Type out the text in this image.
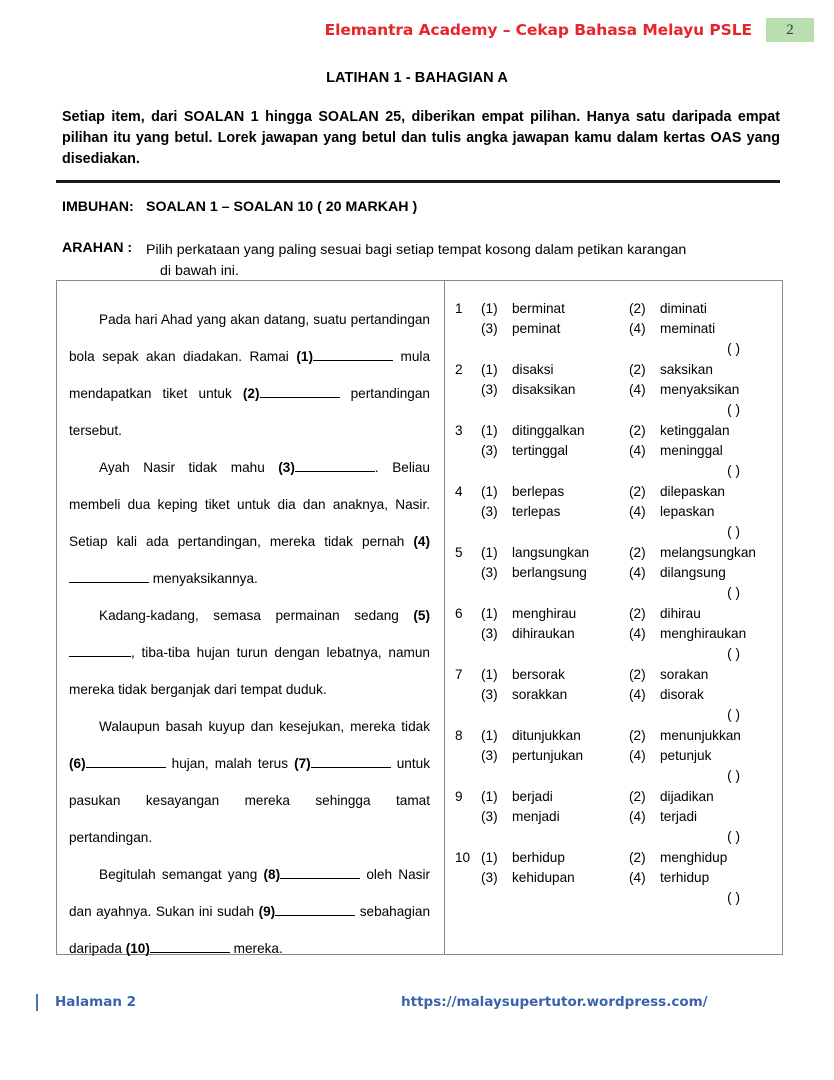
Elemantra Academy – Cekap Bahasa Melayu PSLE	2
LATIHAN 1 - BAHAGIAN A
Setiap item, dari SOALAN 1 hingga SOALAN 25, diberikan empat pilihan. Hanya satu daripada empat pilihan itu yang betul. Lorek jawapan yang betul dan tulis angka jawapan kamu dalam kertas OAS yang disediakan.
IMBUHAN: SOALAN 1 – SOALAN 10 ( 20 MARKAH )
ARAHAN : Pilih perkataan yang paling sesuai bagi setiap tempat kosong dalam petikan karangan
di bawah ini.

Pada hari Ahad yang akan datang, suatu pertandingan bola sepak akan diadakan. Ramai (1)	mula mendapatkan tiket untuk (2)	pertandingan tersebut.

Ayah Nasir tidak mahu (3)	. Beliau membeli dua keping tiket untuk dia dan anaknya, Nasir. Setiap kali ada pertandingan, mereka tidak pernah (4) menyaksikannya.

Kadang-kadang, semasa permainan sedang (5), tiba-tiba hujan turun dengan lebatnya, namun mereka tidak berganjak dari tempat duduk.

Walaupun basah kuyup dan kesejukan, mereka tidak (6)	hujan, malah terus (7)	untuk pasukan kesayangan mereka sehingga tamat pertandingan.

Begitulah semangat yang (8)	oleh Nasir dan ayahnya. Sukan ini sudah (9)	sebahagian daripada (10)	mereka.

1	(1)	berminat	(2)	diminati
(3)	peminat	(4)	meminati
( )
2	(1)	disaksi	(2)	saksikan
(3)	disaksikan	(4)	menyaksikan
( )
3	(1)	ditinggalkan	(2)	ketinggalan
(3)	tertinggal	(4)	meninggal
( )
4	(1)	berlepas	(2)	dilepaskan
(3)	terlepas	(4)	lepaskan
( )
5	(1)	langsungkan	(2)	melangsungkan
(3)	berlangsung	(4)	dilangsung
( )
6	(1)	menghirau	(2)	dihirau
(3)	dihiraukan	(4)	menghiraukan
( )
7	(1)	bersorak	(2)	sorakan
(3)	sorakkan	(4)	disorak
( )
8	(1)	ditunjukkan	(2)	menunjukkan
(3)	pertunjukan	(4)	petunjuk
( )
9	(1)	berjadi	(2)	dijadikan
(3)	menjadi	(4)	terjadi
( )
10 (1)	berhidup	(2)	menghidup
(3)	kehidupan	(4)	terhidup
( )
Halaman 2	https://malaysupertutor.wordpress.com/
